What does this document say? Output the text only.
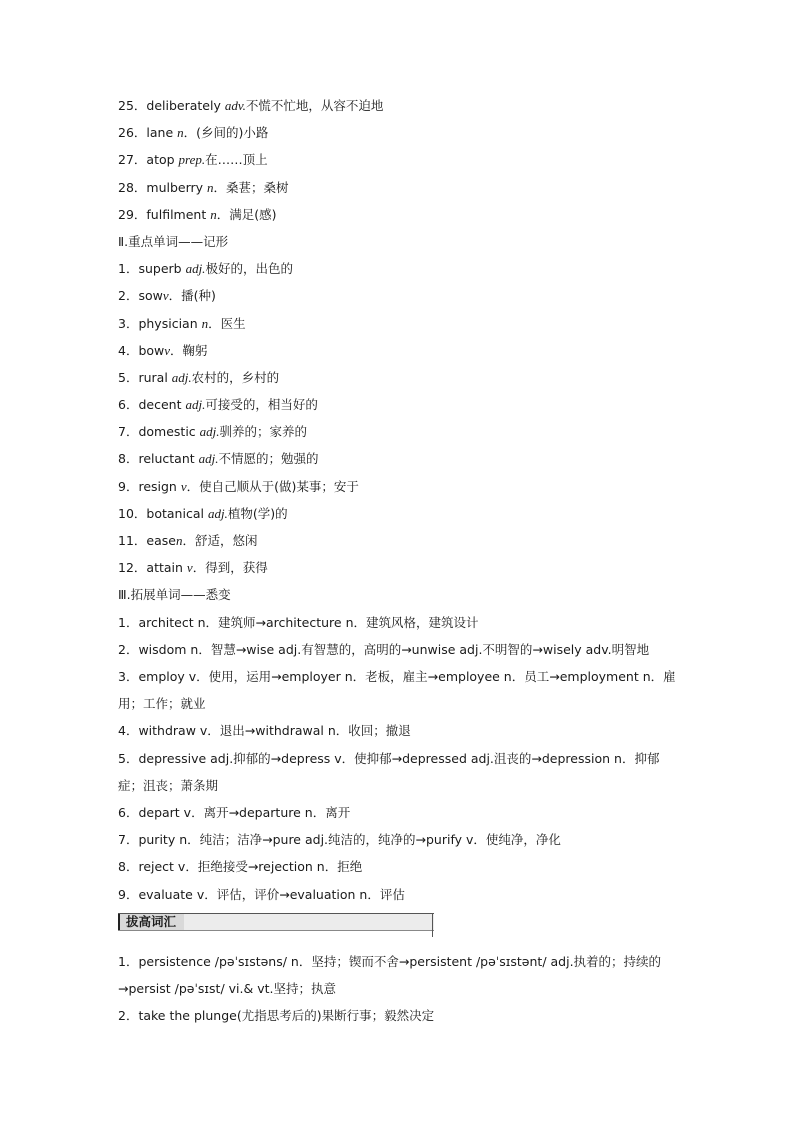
25．deliberately adv.不慌不忙地，从容不迫地
26．lane n．(乡间的)小路
27．atop prep.在……顶上
28．mulberry n．桑葚；桑树
29．fulfilment n．满足(感)
Ⅱ.重点单词——记形
1．superb adj.极好的，出色的
2．sowv．播(种)
3．physician n．医生
4．bowv．鞠躬
5．rural adj.农村的，乡村的
6．decent adj.可接受的，相当好的
7．domestic adj.驯养的；家养的
8．reluctant adj.不情愿的；勉强的
9．resign v．使自己顺从于(做)某事；安于
10．botanical adj.植物(学)的
11．easen．舒适，悠闲
12．attain v．得到，获得
Ⅲ.拓展单词——悉变
1．architect n．建筑师→architecture n．建筑风格，建筑设计
2．wisdom n．智慧→wise adj.有智慧的，高明的→unwise adj.不明智的→wisely adv.明智地
3．employ v．使用，运用→employer n．老板，雇主→employee n．员工→employment n．雇用；工作；就业
4．withdraw v．退出→withdrawal n．收回；撤退
5．depressive adj.抑郁的→depress v．使抑郁→depressed adj.沮丧的→depression n．抑郁症；沮丧；萧条期
6．depart v．离开→departure n．离开
7．purity n．纯洁；洁净→pure adj.纯洁的，纯净的→purify v．使纯净，净化
8．reject v．拒绝接受→rejection n．拒绝
9．evaluate v．评估，评价→evaluation n．评估
拔高词汇
1．persistence /pəˈsɪstəns/ n．坚持；锲而不舍→persistent /pəˈsɪstənt/ adj.执着的；持续的→persist /pəˈsɪst/ vi.& vt.坚持；执意
2．take the plunge(尤指思考后的)果断行事；毅然决定
